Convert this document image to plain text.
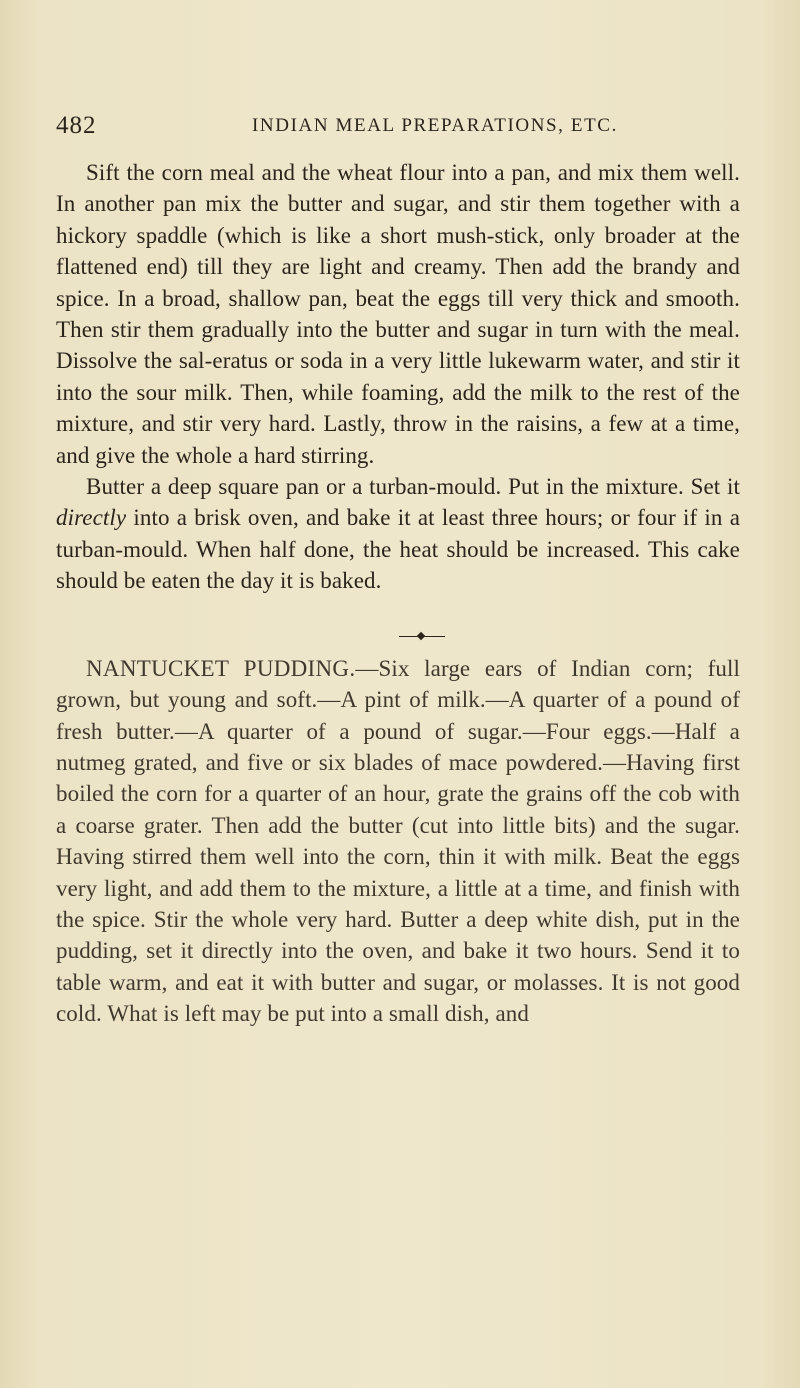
482	INDIAN MEAL PREPARATIONS, ETC.

Sift the corn meal and the wheat flour into a pan, and mix them well. In another pan mix the butter and sugar, and stir them together with a hickory spaddle (which is like a short mush-stick, only broader at the flattened end) till they are light and creamy. Then add the brandy and spice. In a broad, shallow pan, beat the eggs till very thick and smooth. Then stir them gradually into the butter and sugar in turn with the meal. Dissolve the sal-eratus or soda in a very little lukewarm water, and stir it into the sour milk. Then, while foaming, add the milk to the rest of the mixture, and stir very hard. Lastly, throw in the raisins, a few at a time, and give the whole a hard stirring.

Butter a deep square pan or a turban-mould. Put in the mixture. Set it directly into a brisk oven, and bake it at least three hours; or four if in a turban-mould. When half done, the heat should be increased. This cake should be eaten the day it is baked.

NANTUCKET PUDDING.—Six large ears of Indian corn; full grown, but young and soft.—A pint of milk.—A quarter of a pound of fresh butter.—A quarter of a pound of sugar.—Four eggs.—Half a nutmeg grated, and five or six blades of mace powdered.—Having first boiled the corn for a quarter of an hour, grate the grains off the cob with a coarse grater. Then add the butter (cut into little bits) and the sugar. Having stirred them well into the corn, thin it with milk. Beat the eggs very light, and add them to the mixture, a little at a time, and finish with the spice. Stir the whole very hard. Butter a deep white dish, put in the pudding, set it directly into the oven, and bake it two hours. Send it to table warm, and eat it with butter and sugar, or molasses. It is not good cold. What is left may be put into a small dish, and
